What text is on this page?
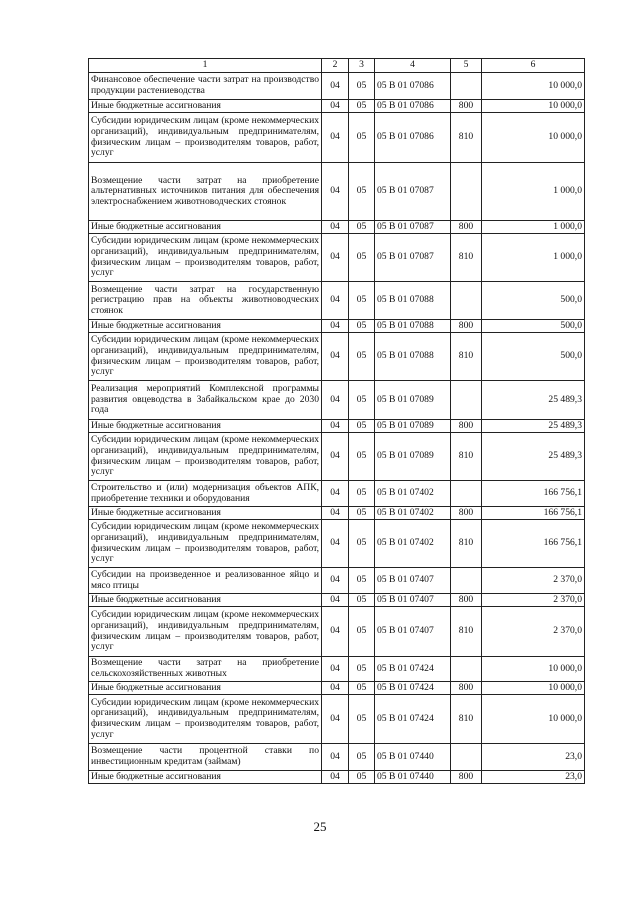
1	2	3	4	5	6
Финансовое обеспечение части затрат на производство продукции растениеводства	04	05	05 В 01 07086		10 000,0
Иные бюджетные ассигнования	04	05	05 В 01 07086	800	10 000,0
Субсидии юридическим лицам (кроме некоммерческих организаций), индивидуальным предпринимателям, физическим лицам – производителям товаров, работ, услуг	04	05	05 В 01 07086	810	10 000,0
Возмещение части затрат на приобретение альтернативных источников питания для обеспечения электроснабжением животноводческих стоянок	04	05	05 В 01 07087		1 000,0
Иные бюджетные ассигнования	04	05	05 В 01 07087	800	1 000,0
Субсидии юридическим лицам (кроме некоммерческих организаций), индивидуальным предпринимателям, физическим лицам – производителям товаров, работ, услуг	04	05	05 В 01 07087	810	1 000,0
Возмещение части затрат на государственную регистрацию прав на объекты животноводческих стоянок	04	05	05 В 01 07088		500,0
Иные бюджетные ассигнования	04	05	05 В 01 07088	800	500,0
Субсидии юридическим лицам (кроме некоммерческих организаций), индивидуальным предпринимателям, физическим лицам – производителям товаров, работ, услуг	04	05	05 В 01 07088	810	500,0
Реализация мероприятий Комплексной программы развития овцеводства в Забайкальском крае до 2030 года	04	05	05 В 01 07089		25 489,3
Иные бюджетные ассигнования	04	05	05 В 01 07089	800	25 489,3
Субсидии юридическим лицам (кроме некоммерческих организаций), индивидуальным предпринимателям, физическим лицам – производителям товаров, работ, услуг	04	05	05 В 01 07089	810	25 489,3
Строительство и (или) модернизация объектов АПК, приобретение техники и оборудования	04	05	05 В 01 07402		166 756,1
Иные бюджетные ассигнования	04	05	05 В 01 07402	800	166 756,1
Субсидии юридическим лицам (кроме некоммерческих организаций), индивидуальным предпринимателям, физическим лицам – производителям товаров, работ, услуг	04	05	05 В 01 07402	810	166 756,1
Субсидии на произведенное и реализованное яйцо и мясо птицы	04	05	05 В 01 07407		2 370,0
Иные бюджетные ассигнования	04	05	05 В 01 07407	800	2 370,0
Субсидии юридическим лицам (кроме некоммерческих организаций), индивидуальным предпринимателям, физическим лицам – производителям товаров, работ, услуг	04	05	05 В 01 07407	810	2 370,0
Возмещение части затрат на приобретение сельскохозяйственных животных	04	05	05 В 01 07424		10 000,0
Иные бюджетные ассигнования	04	05	05 В 01 07424	800	10 000,0
Субсидии юридическим лицам (кроме некоммерческих организаций), индивидуальным предпринимателям, физическим лицам – производителям товаров, работ, услуг	04	05	05 В 01 07424	810	10 000,0
Возмещение части процентной ставки по инвестиционным кредитам (займам)	04	05	05 В 01 07440		23,0
Иные бюджетные ассигнования	04	05	05 В 01 07440	800	23,0
25
